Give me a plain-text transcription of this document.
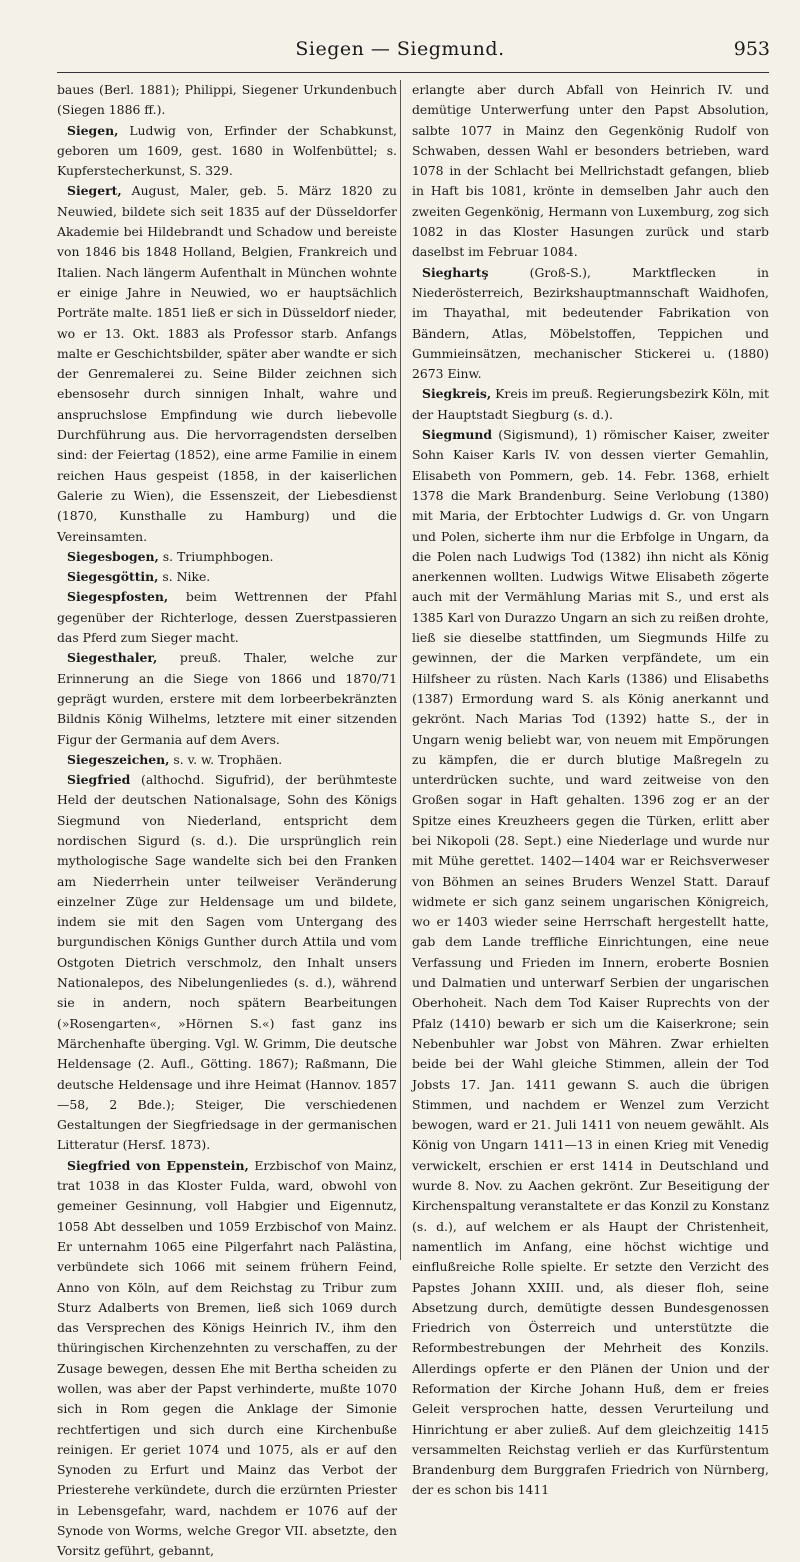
Siegen — Siegmund.	953

baues (Berl. 1881); Philippi, Siegener Urkundenbuch (Siegen 1886 ff.).

Siegen, Ludwig von, Erfinder der Schabkunst, geboren um 1609, gest. 1680 in Wolfenbüttel; s. Kupferstecherkunst, S. 329.

Siegert, August, Maler, geb. 5. März 1820 zu Neuwied, bildete sich seit 1835 auf der Düsseldorfer Akademie bei Hildebrandt und Schadow und bereiste von 1846 bis 1848 Holland, Belgien, Frankreich und Italien. Nach längerm Aufenthalt in München wohnte er einige Jahre in Neuwied, wo er hauptsächlich Porträte malte. 1851 ließ er sich in Düsseldorf nieder, wo er 13. Okt. 1883 als Professor starb. Anfangs malte er Geschichtsbilder, später aber wandte er sich der Genremalerei zu. Seine Bilder zeichnen sich ebensosehr durch sinnigen Inhalt, wahre und anspruchslose Empfindung wie durch liebevolle Durchführung aus. Die hervorragendsten derselben sind: der Feiertag (1852), eine arme Familie in einem reichen Haus gespeist (1858, in der kaiserlichen Galerie zu Wien), die Essenszeit, der Liebesdienst (1870, Kunsthalle zu Hamburg) und die Vereinsamten.

Siegesbogen, s. Triumphbogen.

Siegesgöttin, s. Nike.

Siegespfosten, beim Wettrennen der Pfahl gegenüber der Richterloge, dessen Zuerstpassieren das Pferd zum Sieger macht.

Siegesthaler, preuß. Thaler, welche zur Erinnerung an die Siege von 1866 und 1870/71 geprägt wurden, erstere mit dem lorbeerbekränzten Bildnis König Wilhelms, letztere mit einer sitzenden Figur der Germania auf dem Avers.

Siegeszeichen, s. v. w. Trophäen.

Siegfried (althochd. Sigufrid), der berühmteste Held der deutschen Nationalsage, Sohn des Königs Siegmund von Niederland, entspricht dem nordischen Sigurd (s. d.). Die ursprünglich rein mythologische Sage wandelte sich bei den Franken am Niederrhein unter teilweiser Veränderung einzelner Züge zur Heldensage um und bildete, indem sie mit den Sagen vom Untergang des burgundischen Königs Gunther durch Attila und vom Ostgoten Dietrich verschmolz, den Inhalt unsers Nationalepos, des Nibelungenliedes (s. d.), während sie in andern, noch spätern Bearbeitungen (»Rosengarten«, »Hörnen S.«) fast ganz ins Märchenhafte überging. Vgl. W. Grimm, Die deutsche Heldensage (2. Aufl., Götting. 1867); Raßmann, Die deutsche Heldensage und ihre Heimat (Hannov. 1857—58, 2 Bde.); Steiger, Die verschiedenen Gestaltungen der Siegfriedsage in der germanischen Litteratur (Hersf. 1873).

Siegfried von Eppenstein, Erzbischof von Mainz, trat 1038 in das Kloster Fulda, ward, obwohl von gemeiner Gesinnung, voll Habgier und Eigennutz, 1058 Abt desselben und 1059 Erzbischof von Mainz. Er unternahm 1065 eine Pilgerfahrt nach Palästina, verbündete sich 1066 mit seinem frühern Feind, Anno von Köln, auf dem Reichstag zu Tribur zum Sturz Adalberts von Bremen, ließ sich 1069 durch das Versprechen des Königs Heinrich IV., ihm den thüringischen Kirchenzehnten zu verschaffen, zu der Zusage bewegen, dessen Ehe mit Bertha scheiden zu wollen, was aber der Papst verhinderte, mußte 1070 sich in Rom gegen die Anklage der Simonie rechtfertigen und sich durch eine Kirchenbuße reinigen. Er geriet 1074 und 1075, als er auf den Synoden zu Erfurt und Mainz das Verbot der Priesterehe verkündete, durch die erzürnten Priester in Lebensgefahr, ward, nachdem er 1076 auf der Synode von Worms, welche Gregor VII. absetzte, den Vorsitz geführt, gebannt,

erlangte aber durch Abfall von Heinrich IV. und demütige Unterwerfung unter den Papst Absolution, salbte 1077 in Mainz den Gegenkönig Rudolf von Schwaben, dessen Wahl er besonders betrieben, ward 1078 in der Schlacht bei Mellrichstadt gefangen, blieb in Haft bis 1081, krönte in demselben Jahr auch den zweiten Gegenkönig, Hermann von Luxemburg, zog sich 1082 in das Kloster Hasungen zurück und starb daselbst im Februar 1084.

Sieghartş (Groß-S.), Marktflecken in Niederösterreich, Bezirkshauptmannschaft Waidhofen, im Thayathal, mit bedeutender Fabrikation von Bändern, Atlas, Möbelstoffen, Teppichen und Gummieinsätzen, mechanischer Stickerei u. (1880) 2673 Einw.

Siegkreis, Kreis im preuß. Regierungsbezirk Köln, mit der Hauptstadt Siegburg (s. d.).

Siegmund (Sigismund), 1) römischer Kaiser, zweiter Sohn Kaiser Karls IV. von dessen vierter Gemahlin, Elisabeth von Pommern, geb. 14. Febr. 1368, erhielt 1378 die Mark Brandenburg. Seine Verlobung (1380) mit Maria, der Erbtochter Ludwigs d. Gr. von Ungarn und Polen, sicherte ihm nur die Erbfolge in Ungarn, da die Polen nach Ludwigs Tod (1382) ihn nicht als König anerkennen wollten. Ludwigs Witwe Elisabeth zögerte auch mit der Vermählung Marias mit S., und erst als 1385 Karl von Durazzo Ungarn an sich zu reißen drohte, ließ sie dieselbe stattfinden, um Siegmunds Hilfe zu gewinnen, der die Marken verpfändete, um ein Hilfsheer zu rüsten. Nach Karls (1386) und Elisabeths (1387) Ermordung ward S. als König anerkannt und gekrönt. Nach Marias Tod (1392) hatte S., der in Ungarn wenig beliebt war, von neuem mit Empörungen zu kämpfen, die er durch blutige Maßregeln zu unterdrücken suchte, und ward zeitweise von den Großen sogar in Haft gehalten. 1396 zog er an der Spitze eines Kreuzheers gegen die Türken, erlitt aber bei Nikopoli (28. Sept.) eine Niederlage und wurde nur mit Mühe gerettet. 1402—1404 war er Reichsverweser von Böhmen an seines Bruders Wenzel Statt. Darauf widmete er sich ganz seinem ungarischen Königreich, wo er 1403 wieder seine Herrschaft hergestellt hatte, gab dem Lande treffliche Einrichtungen, eine neue Verfassung und Frieden im Innern, eroberte Bosnien und Dalmatien und unterwarf Serbien der ungarischen Oberhoheit. Nach dem Tod Kaiser Ruprechts von der Pfalz (1410) bewarb er sich um die Kaiserkrone; sein Nebenbuhler war Jobst von Mähren. Zwar erhielten beide bei der Wahl gleiche Stimmen, allein der Tod Jobsts 17. Jan. 1411 gewann S. auch die übrigen Stimmen, und nachdem er Wenzel zum Verzicht bewogen, ward er 21. Juli 1411 von neuem gewählt. Als König von Ungarn 1411—13 in einen Krieg mit Venedig verwickelt, erschien er erst 1414 in Deutschland und wurde 8. Nov. zu Aachen gekrönt. Zur Beseitigung der Kirchenspaltung veranstaltete er das Konzil zu Konstanz (s. d.), auf welchem er als Haupt der Christenheit, namentlich im Anfang, eine höchst wichtige und einflußreiche Rolle spielte. Er setzte den Verzicht des Papstes Johann XXIII. und, als dieser floh, seine Absetzung durch, demütigte dessen Bundesgenossen Friedrich von Österreich und unterstützte die Reformbestrebungen der Mehrheit des Konzils. Allerdings opferte er den Plänen der Union und der Reformation der Kirche Johann Huß, dem er freies Geleit versprochen hatte, dessen Verurteilung und Hinrichtung er aber zuließ. Auf dem gleichzeitig 1415 versammelten Reichstag verlieh er das Kurfürstentum Brandenburg dem Burggrafen Friedrich von Nürnberg, der es schon bis 1411
